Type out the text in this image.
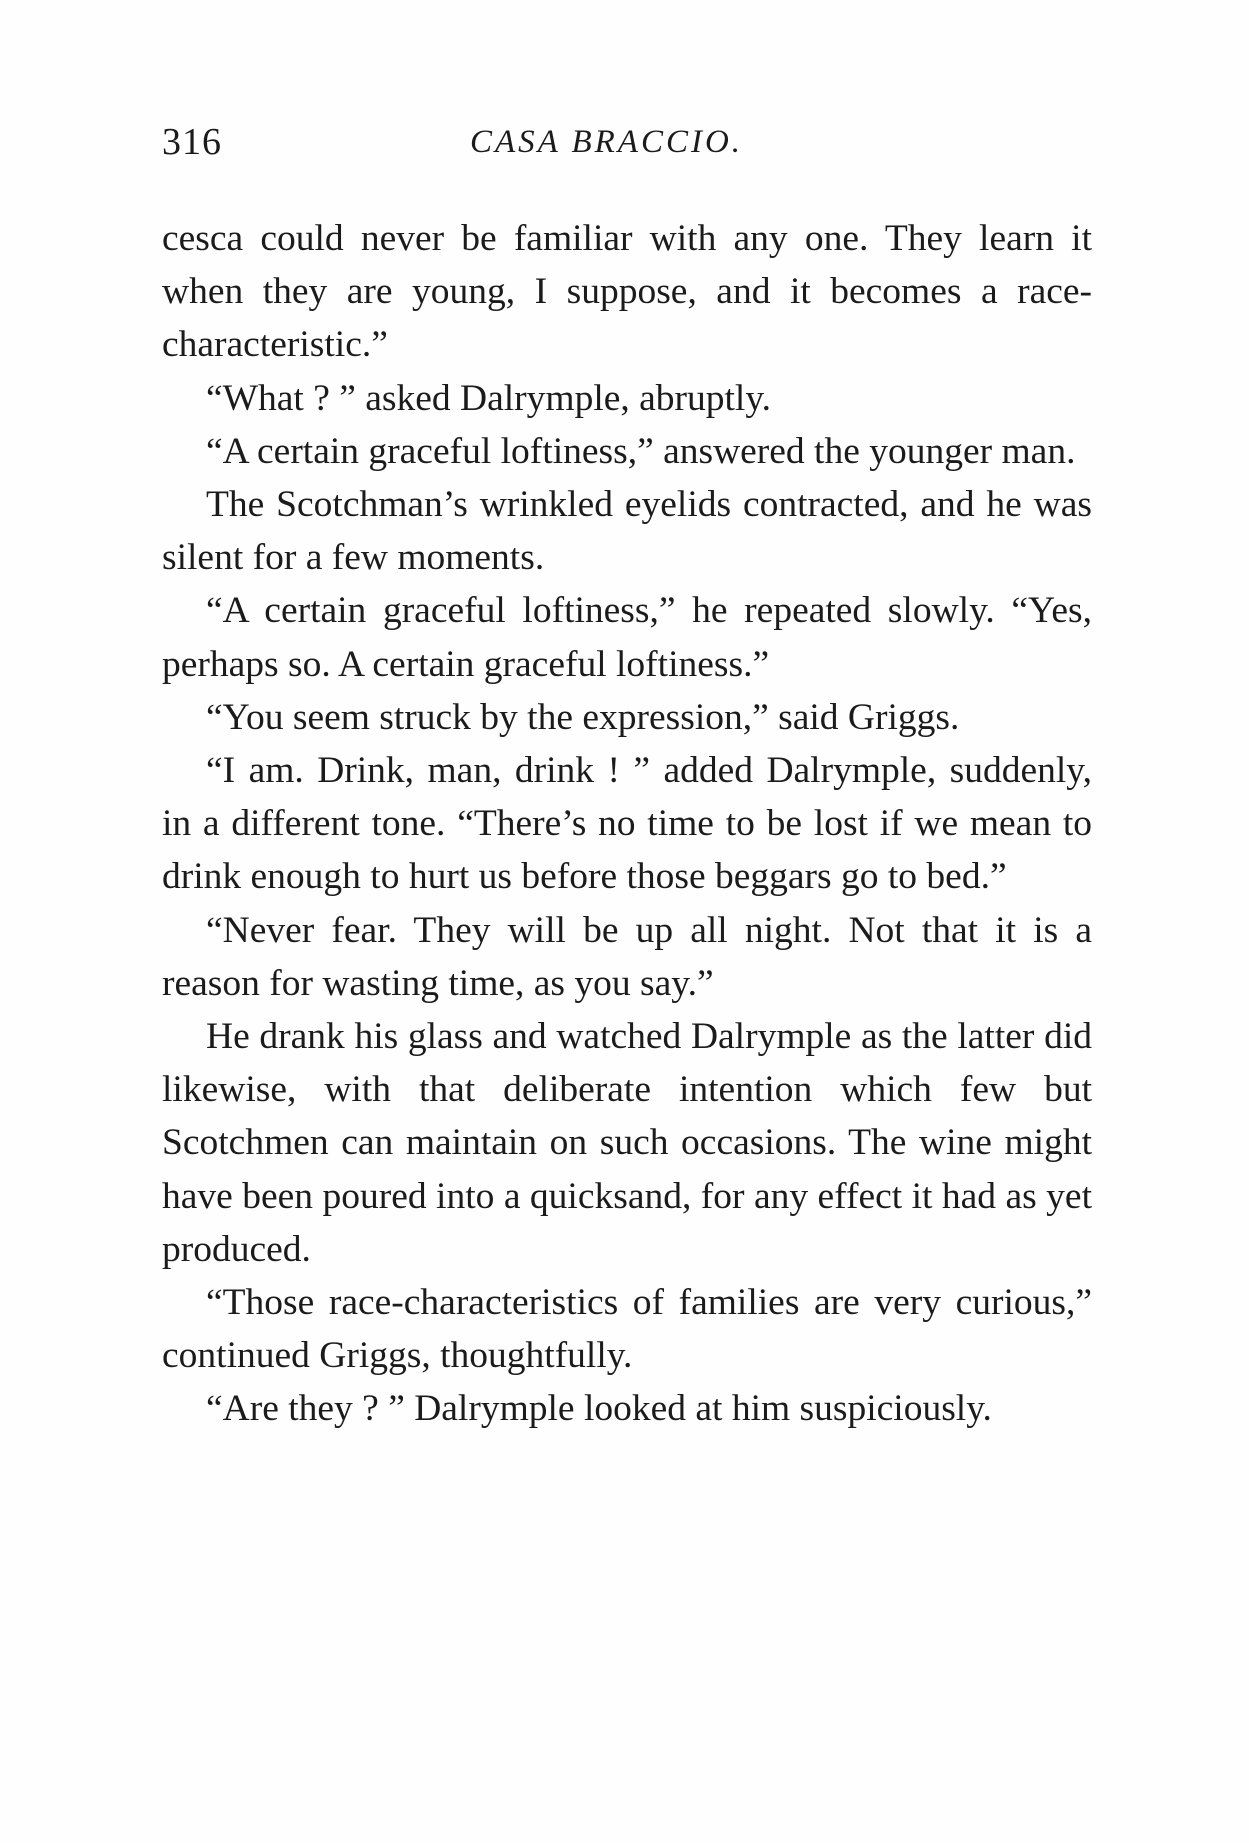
316	CASA BRACCIO.

cesca could never be familiar with any one. They learn it when they are young, I suppose, and it becomes a race-characteristic.”

“What ? ” asked Dalrymple, abruptly.

“A certain graceful loftiness,” answered the younger man.

The Scotchman’s wrinkled eyelids contracted, and he was silent for a few moments.

“A certain graceful loftiness,” he repeated slowly. “Yes, perhaps so. A certain graceful loftiness.”

“You seem struck by the expression,” said Griggs.

“I am. Drink, man, drink ! ” added Dalrymple, suddenly, in a different tone. “There’s no time to be lost if we mean to drink enough to hurt us before those beggars go to bed.”

“Never fear. They will be up all night. Not that it is a reason for wasting time, as you say.”

He drank his glass and watched Dalrymple as the latter did likewise, with that deliberate intention which few but Scotchmen can maintain on such occasions. The wine might have been poured into a quicksand, for any effect it had as yet produced.

“Those race-characteristics of families are very curious,” continued Griggs, thoughtfully.

“Are they ? ” Dalrymple looked at him suspiciously.
